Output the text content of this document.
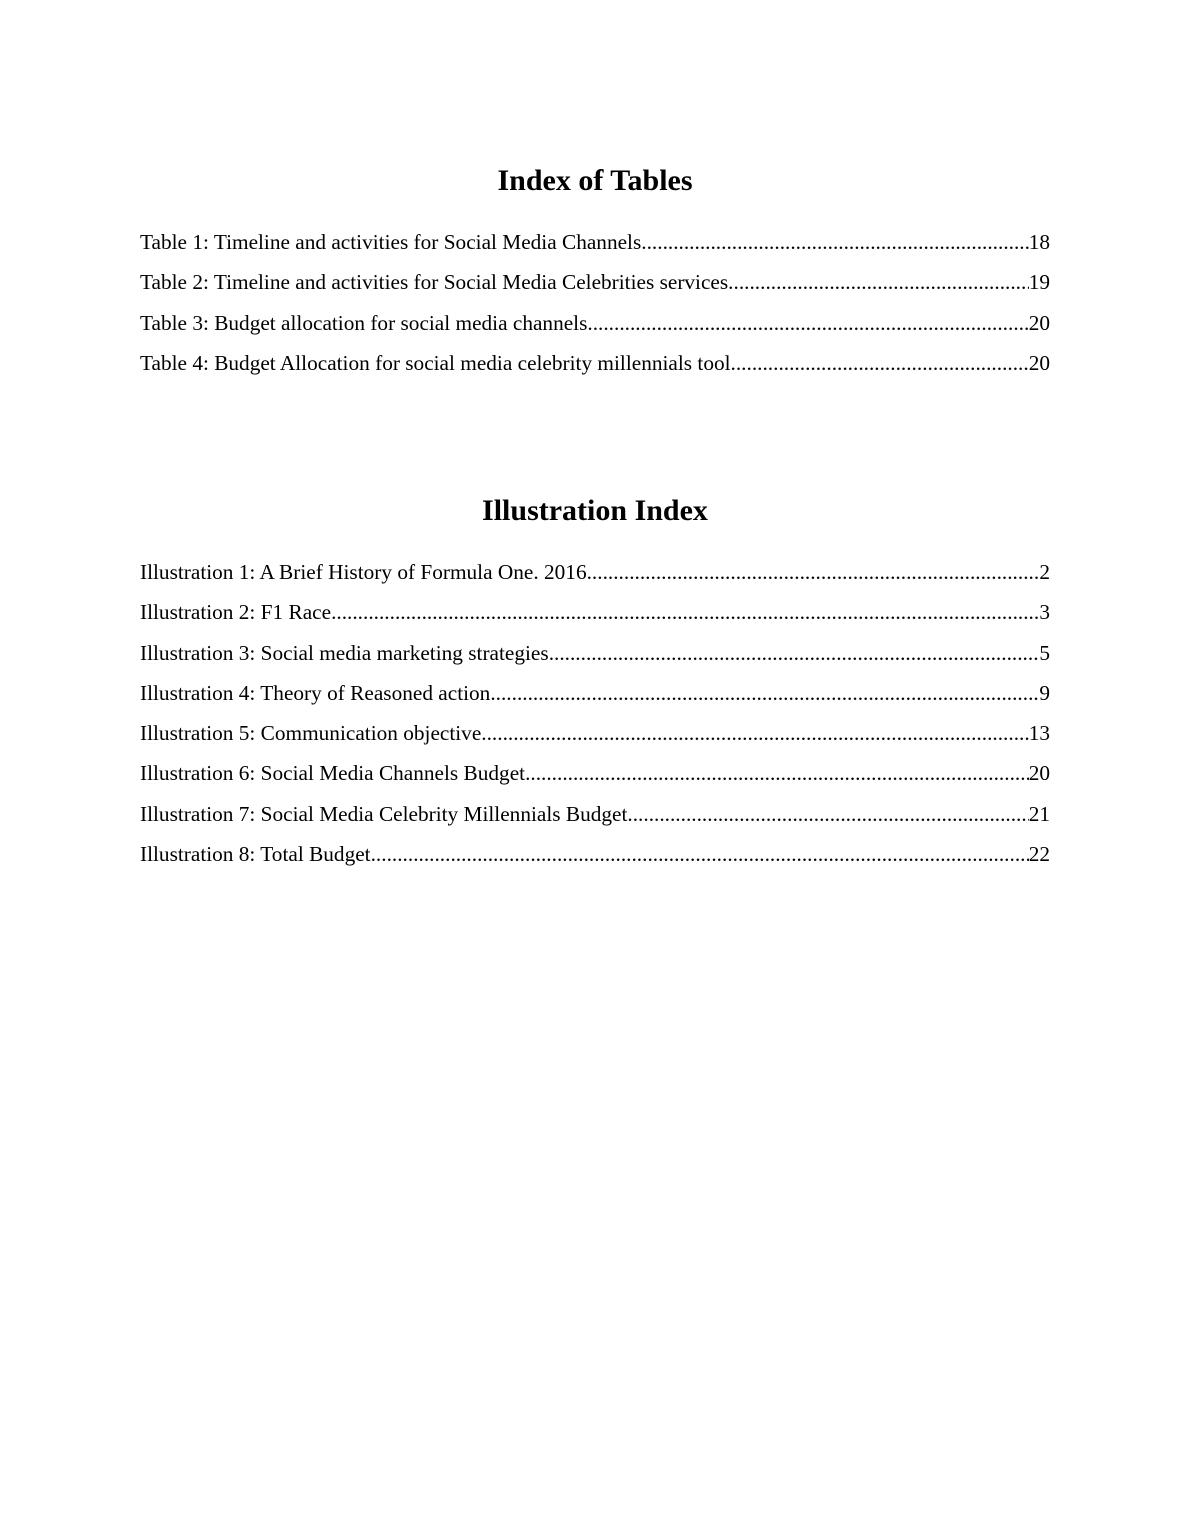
Index of Tables
Table 1: Timeline and activities for Social Media Channels .....	18
Table 2: Timeline and activities for Social Media Celebrities services .....	19
Table 3: Budget allocation for social media channels .....	20
Table 4: Budget Allocation for social media celebrity millennials tool .....	20
Illustration Index
Illustration 1: A Brief History of Formula One. 2016 .....	2
Illustration 2: F1 Race .....	3
Illustration 3: Social media marketing strategies .....	5
Illustration 4: Theory of Reasoned action .....	9
Illustration 5: Communication objective .....	13
Illustration 6: Social Media Channels Budget .....	20
Illustration 7: Social Media Celebrity Millennials Budget .....	21
Illustration 8: Total Budget .....	22
